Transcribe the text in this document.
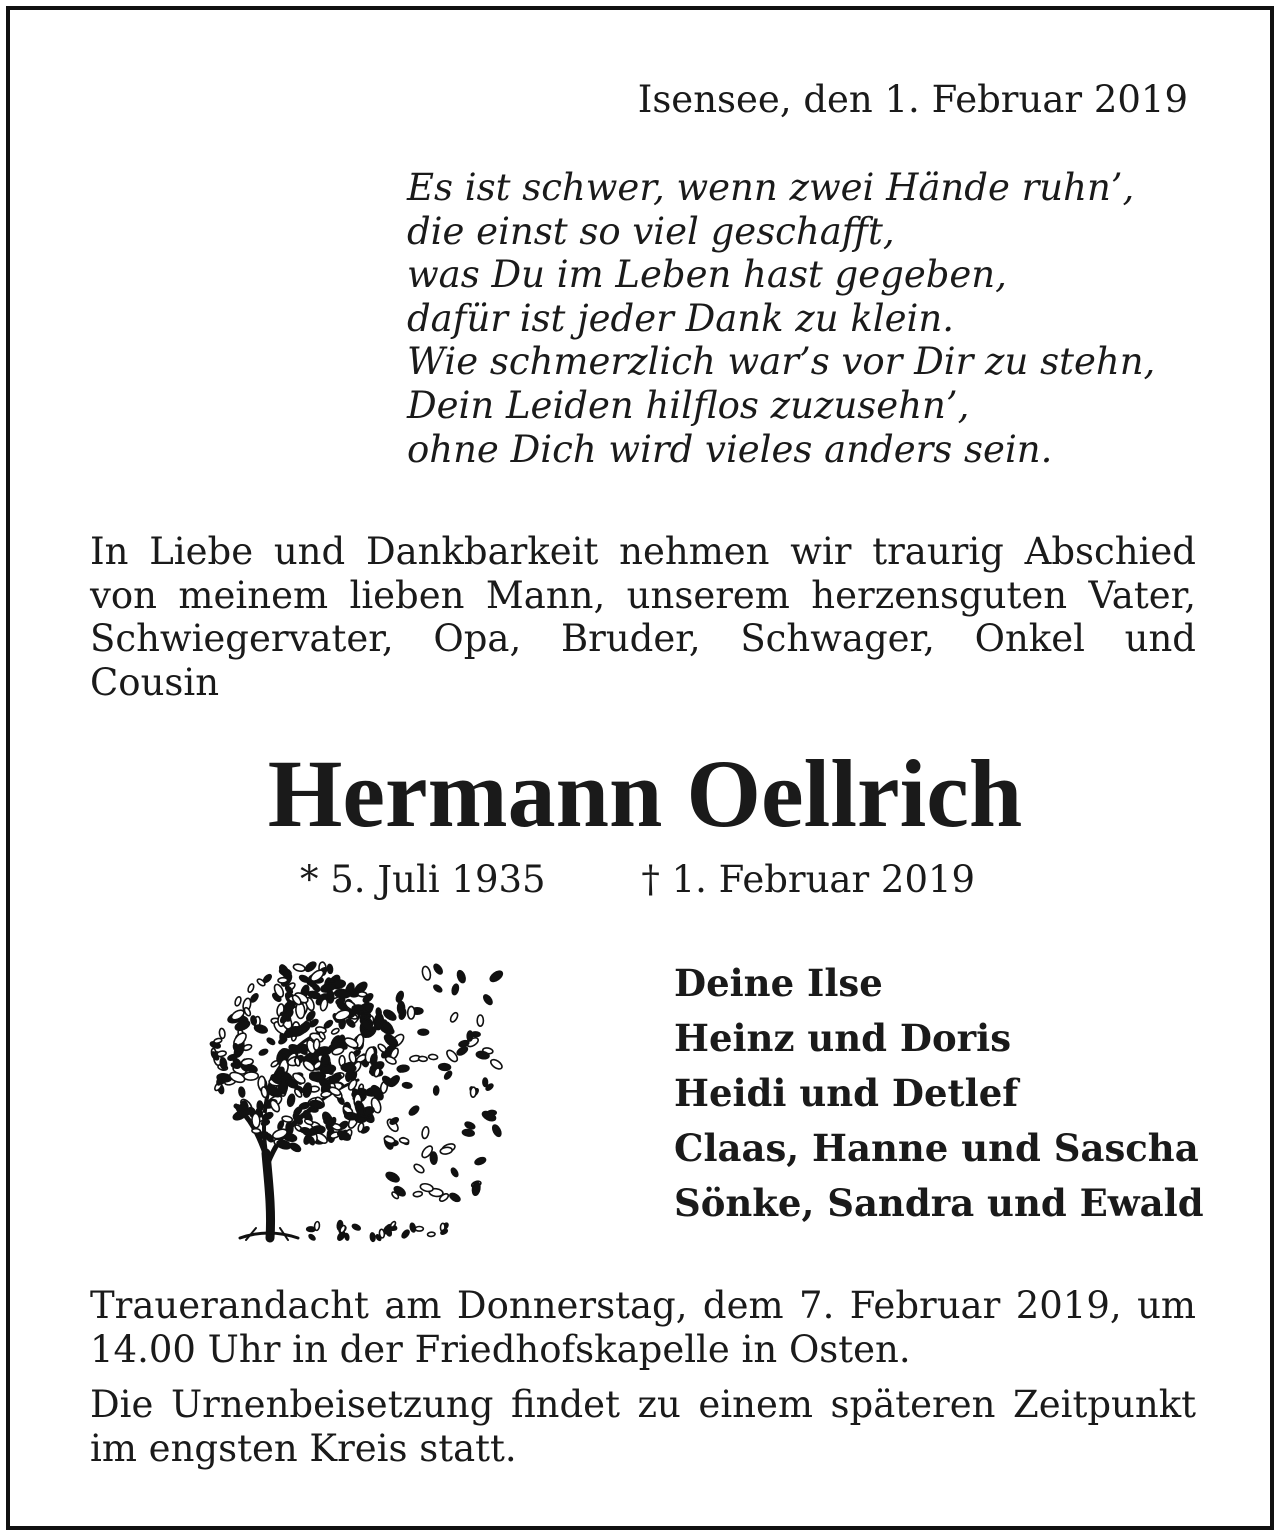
Isensee, den 1. Februar 2019
Es ist schwer, wenn zwei Hände ruhn’,
die einst so viel geschafft,
was Du im Leben hast gegeben,
dafür ist jeder Dank zu klein.
Wie schmerzlich war’s vor Dir zu stehn,
Dein Leiden hilflos zuzusehn’,
ohne Dich wird vieles anders sein.

In Liebe und Dankbarkeit nehmen wir traurig Abschied von meinem lieben Mann, unserem herzensguten Vater, Schwiegervater, Opa, Bruder, Schwager, Onkel und Cousin

Hermann Oellrich
* 5. Juli 1935	† 1. Februar 2019
Deine Ilse
Heinz und Doris
Heidi und Detlef
Claas, Hanne und Sascha
Sönke, Sandra und Ewald

Trauerandacht am Donnerstag, dem 7. Februar 2019, um 14.00 Uhr in der Friedhofskapelle in Osten.

Die Urnenbeisetzung findet zu einem späteren Zeitpunkt im engsten Kreis statt.
